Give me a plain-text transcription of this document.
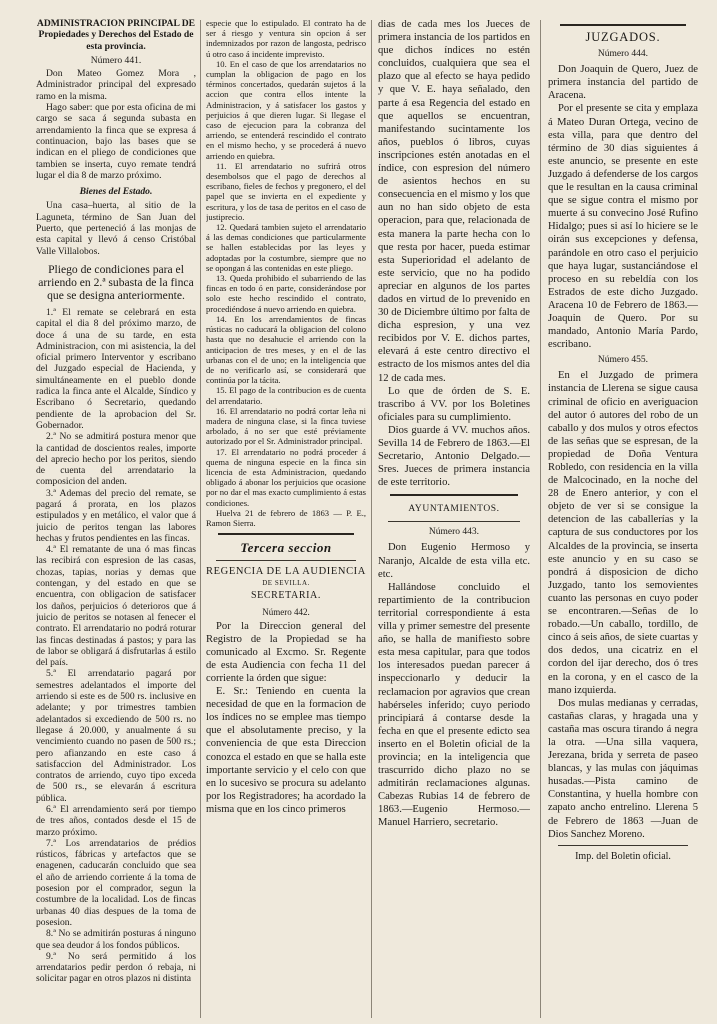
ADMINISTRACION PRINCIPAL DE Propiedades y Derechos del Estado de esta provincia.

Número 441.

Don Mateo Gomez Mora , Administrador principal del expresado ramo en la misma.

Hago saber: que por esta oficina de mi cargo se saca á segunda subasta en arrendamiento la finca que se expresa á continuacion, bajo las bases que se indican en el pliego de condiciones que tambien se inserta, cuyo remate tendrá lugar el dia 8 de marzo próximo.

Bienes del Estado.

Una casa–huerta, al sitio de la Laguneta, término de San Juan del Puerto, que perteneció á las monjas de esta capital y llevó á censo Cristóbal Valle Villalobos.

Pliego de condiciones para el arriendo en 2.ª subasta de la finca que se designa anteriormente.

1.ª El remate se celebrará en esta capital el dia 8 del próximo marzo, de doce á una de su tarde, en esta Administracion, con mi asistencia, la del oficial primero Interventor y escribano del Juzgado especial de Hacienda, y simultáneamente en el pueblo donde radica la finca ante el Alcalde, Síndico y Escribano ó Secretario, quedando pendiente de la aprobacion del Sr. Gobernador.

2.ª No se admitirá postura menor que la cantidad de doscientos reales, importe del aprecio hecho por los peritos, siendo de cuenta del arrendatario la composicion del anden.

3.ª Ademas del precio del remate, se pagará á prorata, en los plazos estipulados y en metálico, el valor que á juicio de peritos tengan las labores hechas y frutos pendientes en las fincas.

4.ª El rematante de una ó mas fincas las recibirá con espresion de las casas, chozas, tapias, norias y demas que contengan, y del estado en que se encuentra, con obligacion de satisfacer los daños, perjuicios ó deterioros que á juicio de peritos se notasen al fenecer el contrato. El arrendatario no podrá roturar las fincas destinadas á pastos; y para las de labor se obligará á disfrutarlas á estilo del país.

5.ª El arrendatario pagará por semestres adelantados el importe del arriendo si este es de 500 rs. inclusive en adelante; y por trimestres tambien adelantados si excediendo de 500 rs. no llegase á 20.000, y anualmente á su vencimiento cuando no pasen de 500 rs.; pero afianzando en este caso á satisfaccion del Administrador. Los contratos de arriendo, cuyo tipo exceda de 500 rs., se elevarán á escritura pública.

6.ª El arrendamiento será por tiempo de tres años, contados desde el 15 de marzo próximo.

7.ª Los arrendatarios de prédios rústicos, fábricas y artefactos que se enagenen, caducarán concluido que sea el año de arriendo corriente á la toma de posesion por el comprador, segun la costumbre de la localidad. Los de fincas urbanas 40 dias despues de la toma de posesion.

8.ª No se admitirán posturas á ninguno que sea deudor á los fondos públicos.

9.ª No será permitido á los arrendatarios pedir perdon ó rebaja, ni solicitar pagar en otros plazos ni distinta

especie que lo estipulado. El contrato ha de ser á riesgo y ventura sin opcion á ser indemnizados por razon de langosta, pedrisco ú otro caso á incidente imprevisto.

10. En el caso de que los arrendatarios no cumplan la obligacion de pago en los términos concertados, quedarán sujetos á la accion que contra ellos intente la Administracion, y á satisfacer los gastos y perjuicios á que dieren lugar. Si llegase el caso de ejecucion para la cobranza del arriendo, se entenderá rescindido el contrato en el mismo hecho, y se procederá á nuevo arriendo en quiebra.

11. El arrendatario no sufrirá otros desembolsos que el pago de derechos al escribano, fieles de fechos y pregonero, el del papel que se invierta en el expediente y escritura, y los de tasa de peritos en el caso de justiprecio.

12. Quedará tambien sujeto el arrendatario á las demas condiciones que particularmente se hallen establecidas por las leyes y adoptadas por la costumbre, siempre que no se opongan á las contenidas en este pliego.

13. Queda prohibido el subarriendo de las fincas en todo ó en parte, considerándose por solo este hecho rescindido el contrato, procediéndose á nuevo arriendo en quiebra.

14. En los arrendamientos de fincas rústicas no caducará la obligacion del colono hasta que no desahucie el arriendo con la anticipacion de tres meses, y en el de las urbanas con el de uno; en la inteligencia que de no verificarlo así, se considerará que continúa por la tácita.

15. El pago de la contribucion es de cuenta del arrendatario.

16. El arrendatario no podrá cortar leña ni madera de ninguna clase, si la finca tuviese arbolado, á no ser que esté préviamente autorizado por el Sr. Administrador principal.

17. El arrendatario no podrá proceder á quema de ninguna especie en la finca sin licencia de esta Administracion, quedando obligado á abonar los perjuicios que ocasione por no dar el mas exacto cumplimiento á estas condiciones.

Huelva 21 de febrero de 1863 — P. E., Ramon Sierra.

Tercera seccion

REGENCIA DE LA AUDIENCIA

DE SEVILLA.

SECRETARIA.

Número 442.

Por la Direccion general del Registro de la Propiedad se ha comunicado al Excmo. Sr. Regente de esta Audiencia con fecha 11 del corriente la órden que sigue:

E. Sr.: Teniendo en cuenta la necesidad de que en la formacion de los índices no se emplee mas tiempo que el absolutamente preciso, y la conveniencia de que esta Direccion conozca el estado en que se halla este importante servicio y el celo con que en lo sucesivo se procura su adelanto por los Registradores; ha acordado la misma que en los cinco primeros

dias de cada mes los Jueces de primera instancia de los partidos en que dichos índices no estén concluidos, cualquiera que sea el plazo que al efecto se haya pedido y que V. E. haya señalado, den parte á esa Regencia del estado en que aquellos se encuentran, manifestando sucintamente los años, pueblos ó libros, cuyas inscripciones estén anotadas en el índice, con espresion del número de asientos hechos en su consecuencia en el mismo y los que aun no han sido objeto de esta operacion, para que, relacionada de esta manera la parte hecha con lo que resta por hacer, pueda estimar esta Superioridad el adelanto de este servicio, que no ha podido apreciar en algunos de los partes dados en virtud de lo prevenido en 30 de Diciembre último por falta de dicha espresion, y una vez recibidos por V. E. dichos partes, elevará á este centro directivo el estracto de los mismos antes del dia 12 de cada mes.

Lo que de órden de S. E. trascribo á VV. por los Boletines oficiales para su cumplimiento.

Dios guarde á VV. muchos años. Sevilla 14 de Febrero de 1863.—El Secretario, Antonio Delgado.—Sres. Jueces de primera instancia de este territorio.

AYUNTAMIENTOS.

Número 443.

Don Eugenio Hermoso y Naranjo, Alcalde de esta villa etc. etc.

Hallándose concluido el repartimiento de la contribucion territorial correspondiente á esta villa y primer semestre del presente año, se halla de manifiesto sobre esta mesa capitular, para que todos los interesados puedan parecer á inspeccionarlo y deducir la reclamacion por agravios que crean habérseles inferido; cuyo periodo principiará á contarse desde la fecha en que el presente edicto sea inserto en el Boletin oficial de la provincia; en la inteligencia que trascurrido dicho plazo no se admitirán reclamaciones algunas. Cabezas Rubias 14 de febrero de 1863.—Eugenio Hermoso.—Manuel Harriero, secretario.

JUZGADOS.

Número 444.

Don Joaquin de Quero, Juez de primera instancia del partido de Aracena.

Por el presente se cita y emplaza á Mateo Duran Ortega, vecino de esta villa, para que dentro del término de 30 dias siguientes á este anuncio, se presente en este Juzgado á defenderse de los cargos que le resultan en la causa criminal que se sigue contra el mismo por muerte á su convecino José Rufino Hidalgo; pues si así lo hiciere se le oirán sus excepciones y defensa, parándole en otro caso el perjuicio que haya lugar, sustanciándose el proceso en su rebeldía con los Estrados de este dicho Juzgado. Aracena 10 de Febrero de 1863.—Joaquin de Quero. Por su mandado, Antonio María Pardo, escribano.

Número 455.

En el Juzgado de primera instancia de Llerena se sigue causa criminal de oficio en averiguacion del autor ó autores del robo de un caballo y dos mulos y otros efectos de las señas que se espresan, de la propiedad de Doña Ventura Robledo, con residencia en la villa de Malcocinado, en la noche del 28 de Enero anterior, y con el objeto de ver si se consigue la detencion de las caballerías y la captura de sus conductores por los Alcaldes de la provincia, se inserta este anuncio y en su caso se pondrá á disposicion de dicho Juzgado, tanto los semovientes cuanto las personas en cuyo poder se encontraren.—Señas de lo robado.—Un caballo, tordillo, de cinco á seis años, de siete cuartas y dos dedos, una cicatriz en el cordon del ijar derecho, dos ó tres en la corona, y en el casco de la mano izquierda.

Dos mulas medianas y cerradas, castañas claras, y hragada una y castaña mas oscura tirando á negra la otra. —Una silla vaquera, Jerezana, brida y serreta de paseo blancas, y las mulas con jáquimas husadas.—Pista camino de Constantina, y huella hombre con zapato ancho entrelino. Llerena 5 de Febrero de 1863 —Juan de Dios Sanchez Moreno.

Imp. del Boletin oficial.
